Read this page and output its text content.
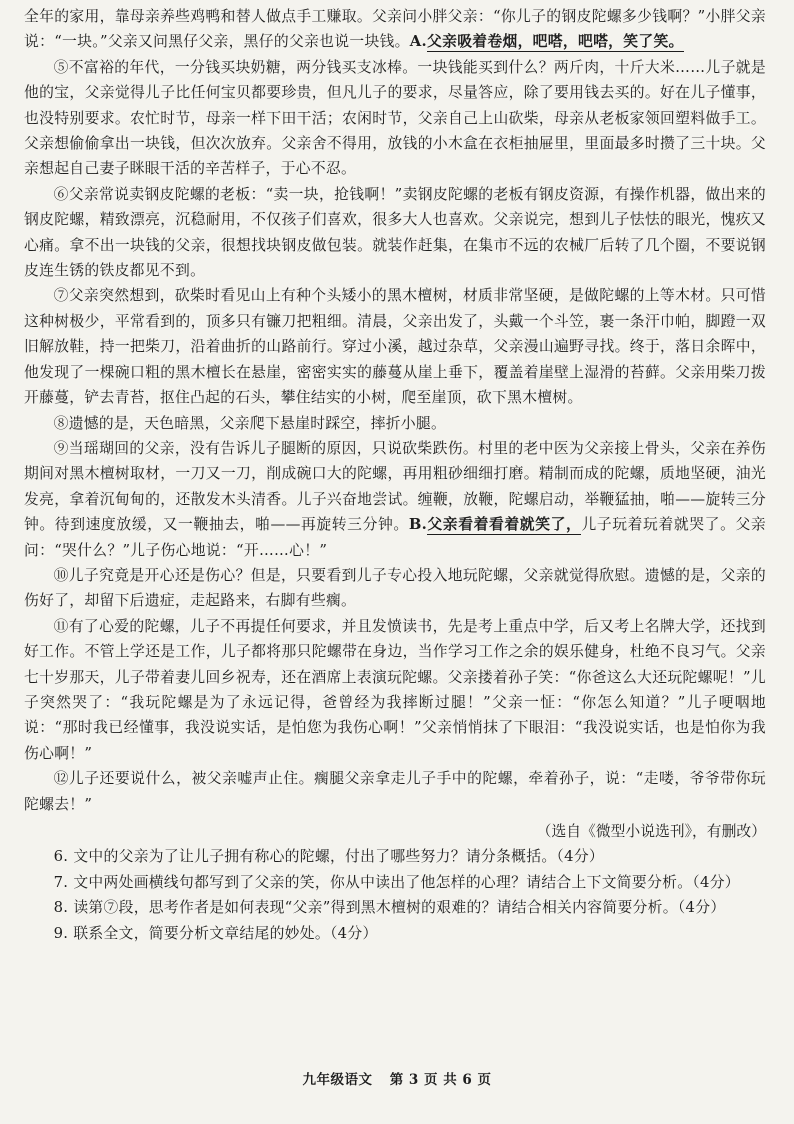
全年的家用，靠母亲养些鸡鸭和替人做点手工赚取。父亲问小胖父亲：“你儿子的钢皮陀螺多少钱啊？”小胖父亲说：“一块。”父亲又问黑仔父亲，黑仔的父亲也说一块钱。A.父亲吸着卷烟，吧嗒，吧嗒，笑了笑。

⑤不富裕的年代，一分钱买块奶糖，两分钱买支冰棒。一块钱能买到什么？两斤肉，十斤大米……儿子就是他的宝，父亲觉得儿子比任何宝贝都要珍贵，但凡儿子的要求，尽量答应，除了要用钱去买的。好在儿子懂事，也没特别要求。农忙时节，母亲一样下田干活；农闲时节，父亲自己上山砍柴，母亲从老板家领回塑料做手工。父亲想偷偷拿出一块钱，但次次放弃。父亲舍不得用，放钱的小木盒在衣柜抽屉里，里面最多时攒了三十块。父亲想起自己妻子眯眼干活的辛苦样子，于心不忍。

⑥父亲常说卖钢皮陀螺的老板：“卖一块，抢钱啊！”卖钢皮陀螺的老板有钢皮资源，有操作机器，做出来的钢皮陀螺，精致漂亮，沉稳耐用，不仅孩子们喜欢，很多大人也喜欢。父亲说完，想到儿子怯怯的眼光，愧疚又心痛。拿不出一块钱的父亲，很想找块钢皮做包装。就装作赶集，在集市不远的农械厂后转了几个圈，不要说钢皮连生锈的铁皮都见不到。

⑦父亲突然想到，砍柴时看见山上有种个头矮小的黑木檀树，材质非常坚硬，是做陀螺的上等木材。只可惜这种树极少，平常看到的，顶多只有镰刀把粗细。清晨，父亲出发了，头戴一个斗笠，裹一条汗巾帕，脚蹬一双旧解放鞋，持一把柴刀，沿着曲折的山路前行。穿过小溪，越过杂草，父亲漫山遍野寻找。终于，落日余晖中，他发现了一棵碗口粗的黑木檀长在悬崖，密密实实的藤蔓从崖上垂下，覆盖着崖壁上湿滑的苔藓。父亲用柴刀拨开藤蔓，铲去青苔，抠住凸起的石头，攀住结实的小树，爬至崖顶，砍下黑木檀树。

⑧遗憾的是，天色暗黑，父亲爬下悬崖时踩空，摔折小腿。

⑨当瑶瑚回的父亲，没有告诉儿子腿断的原因，只说砍柴跌伤。村里的老中医为父亲接上骨头，父亲在养伤期间对黑木檀树取材，一刀又一刀，削成碗口大的陀螺，再用粗砂细细打磨。精制而成的陀螺，质地坚硬，油光发亮，拿着沉甸甸的，还散发木头清香。儿子兴奋地尝试。缠鞭，放鞭，陀螺启动，举鞭猛抽，啪——旋转三分钟。待到速度放缓，又一鞭抽去，啪——再旋转三分钟。B.父亲看着看着就笑了，儿子玩着玩着就哭了。父亲问：“哭什么？”儿子伤心地说：“开……心！”

⑩儿子究竟是开心还是伤心？但是，只要看到儿子专心投入地玩陀螺，父亲就觉得欣慰。遗憾的是，父亲的伤好了，却留下后遗症，走起路来，右脚有些瘸。

⑪有了心爱的陀螺，儿子不再提任何要求，并且发愤读书，先是考上重点中学，后又考上名牌大学，还找到好工作。不管上学还是工作，儿子都将那只陀螺带在身边，当作学习工作之余的娱乐健身，杜绝不良习气。父亲七十岁那天，儿子带着妻儿回乡祝寿，还在酒席上表演玩陀螺。父亲搂着孙子笑：“你爸这么大还玩陀螺呢！”儿子突然哭了：“我玩陀螺是为了永远记得，爸曾经为我摔断过腿！”父亲一怔：“你怎么知道？”儿子哽咽地说：“那时我已经懂事，我没说实话，是怕您为我伤心啊！”父亲悄悄抹了下眼泪：“我没说实话，也是怕你为我伤心啊！”

⑫儿子还要说什么，被父亲嘘声止住。瘸腿父亲拿走儿子手中的陀螺，牵着孙子，说：“走喽，爷爷带你玩陀螺去！”

（选自《微型小说选刊》，有删改）

6. 文中的父亲为了让儿子拥有称心的陀螺，付出了哪些努力？请分条概括。（4分）

7. 文中两处画横线句都写到了父亲的笑，你从中读出了他怎样的心理？请结合上下文简要分析。（4分）

8. 读第⑦段，思考作者是如何表现“父亲”得到黑木檀树的艰难的？请结合相关内容简要分析。（4分）

9. 联系全文，简要分析文章结尾的妙处。（4分）

九年级语文 第 3 页 共 6 页
